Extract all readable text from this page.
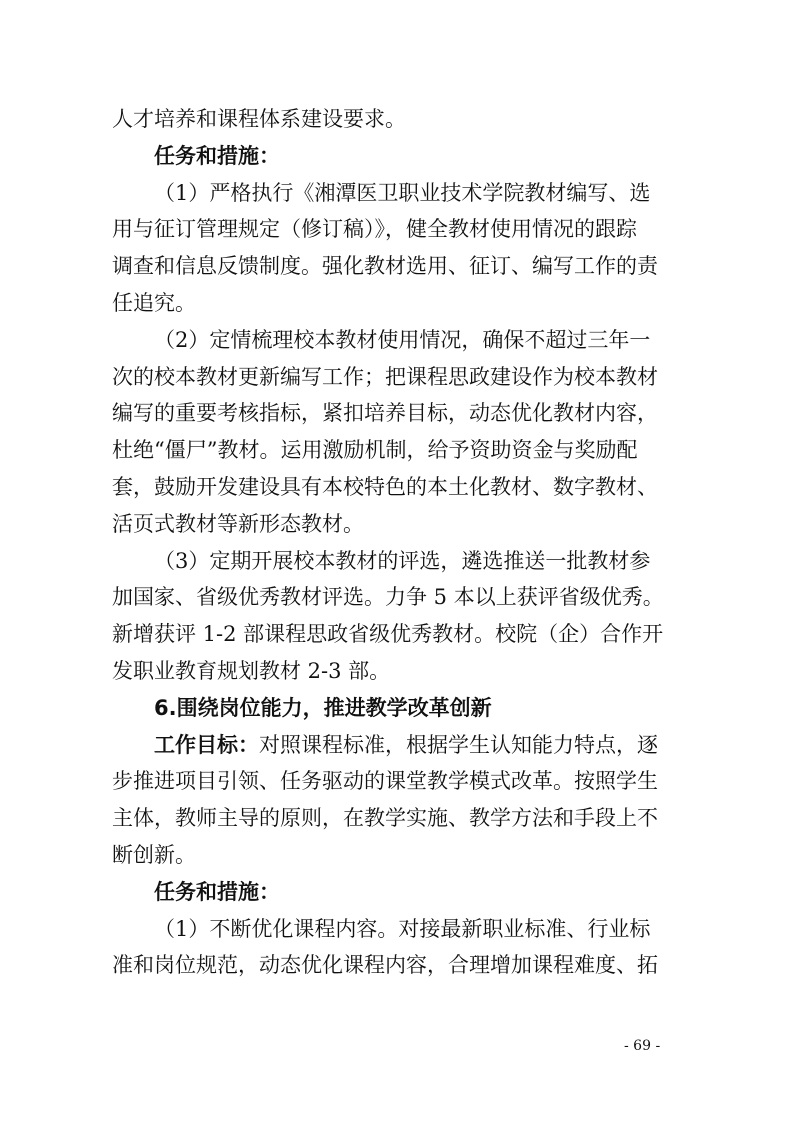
人才培养和课程体系建设要求。
任务和措施：
（1）严格执行《湘潭医卫职业技术学院教材编写、选
用与征订管理规定（修订稿）》，健全教材使用情况的跟踪
调查和信息反馈制度。强化教材选用、征订、编写工作的责
任追究。
（2）定情梳理校本教材使用情况，确保不超过三年一
次的校本教材更新编写工作；把课程思政建设作为校本教材
编写的重要考核指标，紧扣培养目标，动态优化教材内容，
杜绝“僵尸”教材。运用激励机制，给予资助资金与奖励配
套，鼓励开发建设具有本校特色的本土化教材、数字教材、
活页式教材等新形态教材。
（3）定期开展校本教材的评选，遴选推送一批教材参
加国家、省级优秀教材评选。力争 5 本以上获评省级优秀。
新增获评 1-2 部课程思政省级优秀教材。校院（企）合作开
发职业教育规划教材 2-3 部。
6.围绕岗位能力，推进教学改革创新
工作目标：对照课程标准，根据学生认知能力特点，逐
步推进项目引领、任务驱动的课堂教学模式改革。按照学生
主体，教师主导的原则，在教学实施、教学方法和手段上不
断创新。
任务和措施：
（1）不断优化课程内容。对接最新职业标准、行业标
准和岗位规范，动态优化课程内容，合理增加课程难度、拓
- 69 -
